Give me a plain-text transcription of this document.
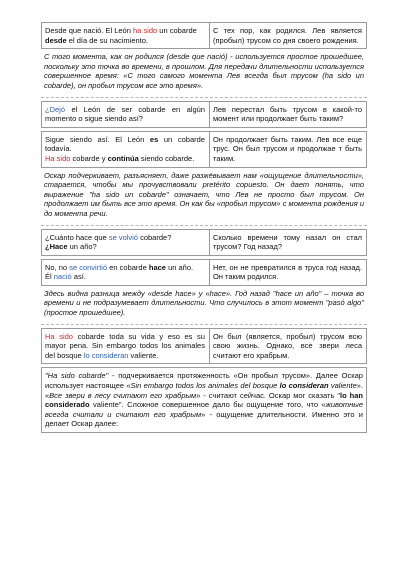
Desde que nació. El León ha sido un cobarde
desde el día de su nacimiento.
С тех пор, как родился. Лев является (пробыл) трусом со дня своего рождения.
С того момента, как он родился (desde que nació) - используется простое прошедшее, поскольку это точка во времени, в прошлом. Для передачи длительности используется совершенное время: «С того самого момента Лев всегда был трусом (ha sido un cobarde), он пробыл трусом все это время».
¿Dejó el León de ser cobarde en algún momento o sigue siendo así?
Лев перестал быть трусом в какой-то момент или продолжает быть таким?
Sigue siendo así. El León es un cobarde todavía.
Ha sido cobarde y continúa siendo cobarde.
Он продолжает быть таким. Лев все еще трус. Он был трусом и продолжае т быть таким.
Оскар подчеркивает, разъясняет, даже разжёвывает нам «ощущение длительности», старается, чтобы мы прочувствовали pretérito copuesto. Он дает понять, что выражение "ha sido un cobarde" означает, что Лев не просто был трусом. Он продолжает им быть все это время. Он как бы «пробыл трусом» с момента рождения и до момента речи.
¿Cuánto hace que se volvió cobarde?
¿Hace un año?
Сколько времени тому назал он стал трусом? Год назад?
No, no se convirtió en cobarde hace un año.
Él nació así.
Нет, он не превратился в труса год назад. Он таким родился.
Здесь видна разница между «desde hace» у «hace». Год назад "hace un año" – точка во времени и не подразумевает длительности. Что случилось в этот момент "pasó algo" (простое прошедшее).
Ha sido cobarde toda su vida y eso es su mayor pena. Sin embargo todos los animales del bosque lo consideran valiente.
Он был (является, пробыл) трусом всю свою жизнь. Однако, все звери леса считают его храбрым.
"Ha sido cobarde" - подчеркивается протяженность «Он пробыл трусом». Далее Оскар использует настоящее «Sin embargo todos los animales del bosque lo consideran valiente». «Все звери в лесу считают его храбрым» - считают сейчас. Оскар мог сказать "lo han considerado valiente". Сложное совершенное дало бы ощущение того, что «животные всегда считали и считают его храбрым» - ощущение длительности. Именно это и делает Оскар далее:
